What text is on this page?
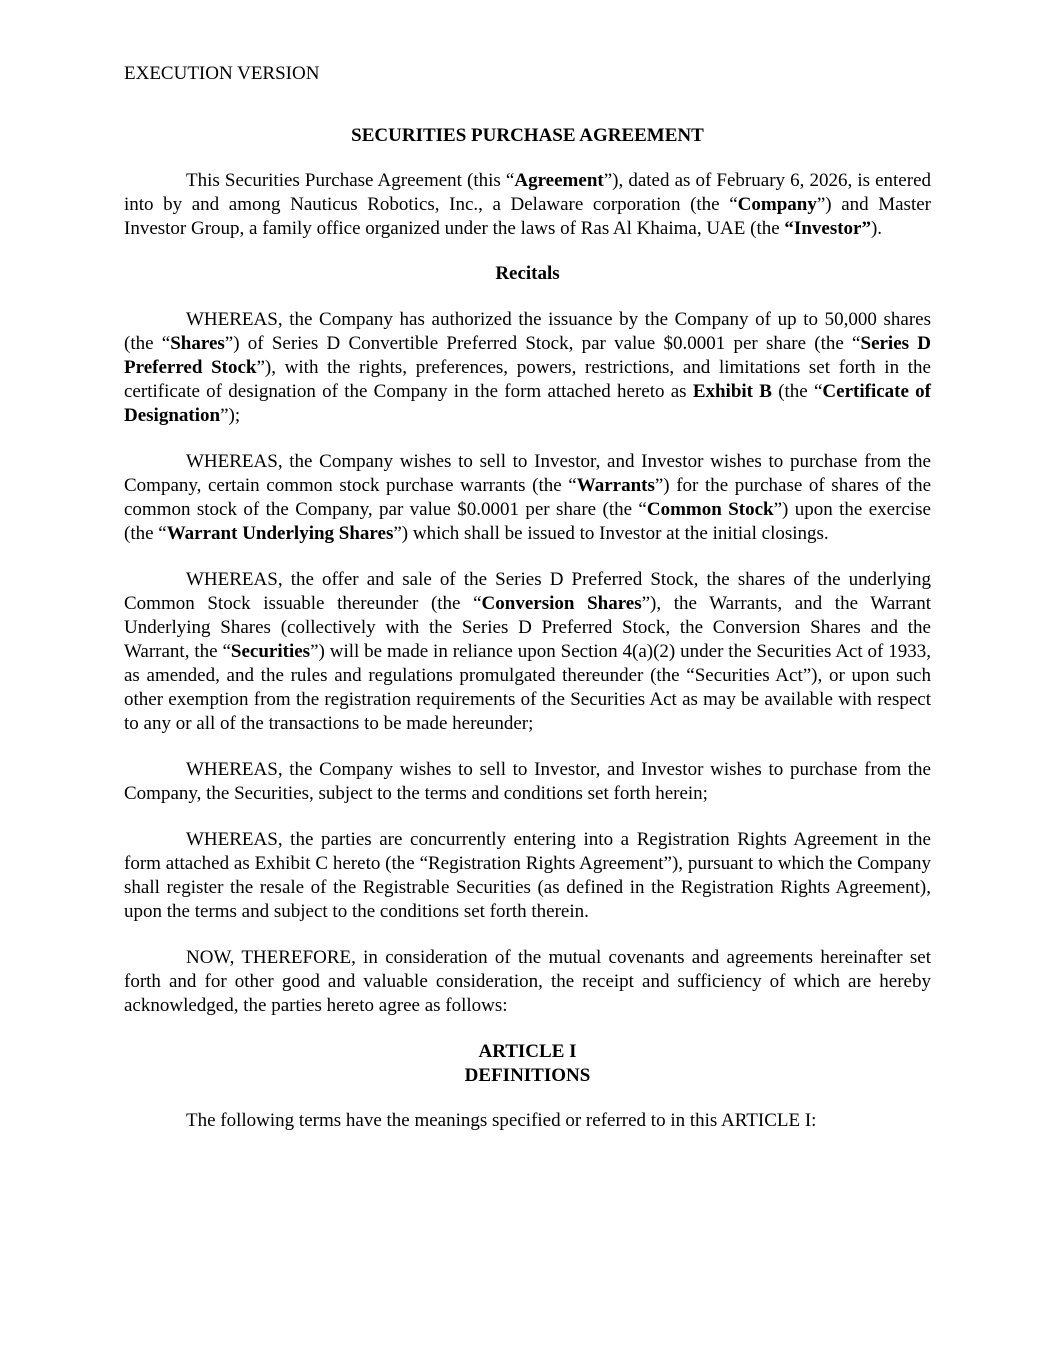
EXECUTION VERSION

SECURITIES PURCHASE AGREEMENT

This Securities Purchase Agreement (this “Agreement”), dated as of February 6, 2026, is entered into by and among Nauticus Robotics, Inc., a Delaware corporation (the “Company”) and Master Investor Group, a family office organized under the laws of Ras Al Khaima, UAE (the “Investor”).

Recitals

WHEREAS, the Company has authorized the issuance by the Company of up to 50,000 shares (the “Shares”) of Series D Convertible Preferred Stock, par value $0.0001 per share (the “Series D Preferred Stock”), with the rights, preferences, powers, restrictions, and limitations set forth in the certificate of designation of the Company in the form attached hereto as Exhibit B (the “Certificate of Designation”);

WHEREAS, the Company wishes to sell to Investor, and Investor wishes to purchase from the Company, certain common stock purchase warrants (the “Warrants”) for the purchase of shares of the common stock of the Company, par value $0.0001 per share (the “Common Stock”) upon the exercise (the “Warrant Underlying Shares”) which shall be issued to Investor at the initial closings.

WHEREAS, the offer and sale of the Series D Preferred Stock, the shares of the underlying Common Stock issuable thereunder (the “Conversion Shares”), the Warrants, and the Warrant Underlying Shares (collectively with the Series D Preferred Stock, the Conversion Shares and the Warrant, the “Securities”) will be made in reliance upon Section 4(a)(2) under the Securities Act of 1933, as amended, and the rules and regulations promulgated thereunder (the “Securities Act”), or upon such other exemption from the registration requirements of the Securities Act as may be available with respect to any or all of the transactions to be made hereunder;

WHEREAS, the Company wishes to sell to Investor, and Investor wishes to purchase from the Company, the Securities, subject to the terms and conditions set forth herein;

WHEREAS, the parties are concurrently entering into a Registration Rights Agreement in the form attached as Exhibit C hereto (the “Registration Rights Agreement”), pursuant to which the Company shall register the resale of the Registrable Securities (as defined in the Registration Rights Agreement), upon the terms and subject to the conditions set forth therein.

NOW, THEREFORE, in consideration of the mutual covenants and agreements hereinafter set forth and for other good and valuable consideration, the receipt and sufficiency of which are hereby acknowledged, the parties hereto agree as follows:

ARTICLE I
DEFINITIONS

The following terms have the meanings specified or referred to in this ARTICLE I:
